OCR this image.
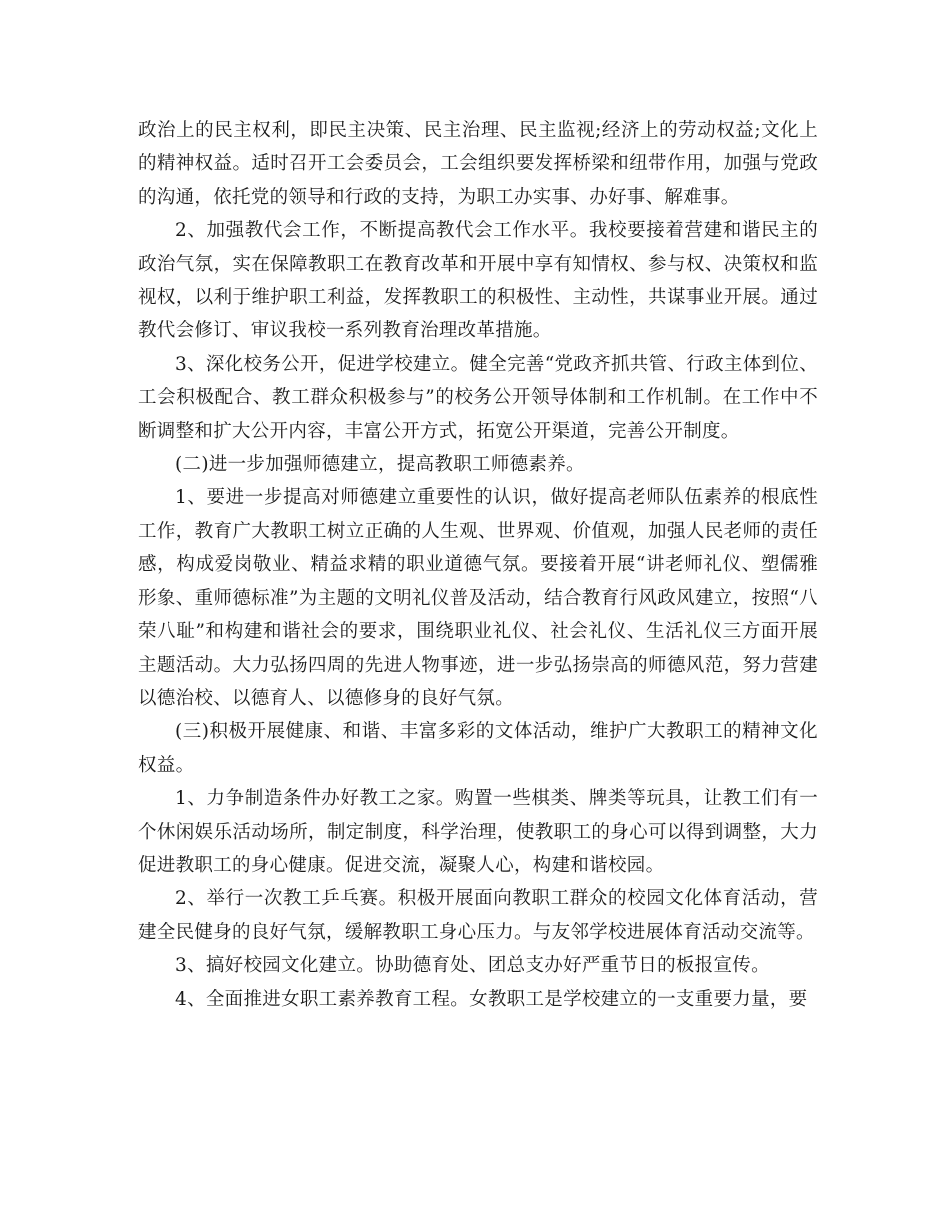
政治上的民主权利，即民主决策、民主治理、民主监视;经济上的劳动权益;文化上的精神权益。适时召开工会委员会，工会组织要发挥桥梁和纽带作用，加强与党政的沟通，依托党的领导和行政的支持，为职工办实事、办好事、解难事。

2、加强教代会工作，不断提高教代会工作水平。我校要接着营建和谐民主的政治气氛，实在保障教职工在教育改革和开展中享有知情权、参与权、决策权和监视权，以利于维护职工利益，发挥教职工的积极性、主动性，共谋事业开展。通过教代会修订、审议我校一系列教育治理改革措施。

3、深化校务公开，促进学校建立。健全完善“党政齐抓共管、行政主体到位、工会积极配合、教工群众积极参与”的校务公开领导体制和工作机制。在工作中不断调整和扩大公开内容，丰富公开方式，拓宽公开渠道，完善公开制度。

(二)进一步加强师德建立，提高教职工师德素养。

1、要进一步提高对师德建立重要性的认识，做好提高老师队伍素养的根底性工作，教育广大教职工树立正确的人生观、世界观、价值观，加强人民老师的责任感，构成爱岗敬业、精益求精的职业道德气氛。要接着开展“讲老师礼仪、塑儒雅形象、重师德标准”为主题的文明礼仪普及活动，结合教育行风政风建立，按照“八荣八耻”和构建和谐社会的要求，围绕职业礼仪、社会礼仪、生活礼仪三方面开展主题活动。大力弘扬四周的先进人物事迹，进一步弘扬崇高的师德风范，努力营建以德治校、以德育人、以德修身的良好气氛。

(三)积极开展健康、和谐、丰富多彩的文体活动，维护广大教职工的精神文化权益。

1、力争制造条件办好教工之家。购置一些棋类、牌类等玩具，让教工们有一个休闲娱乐活动场所，制定制度，科学治理，使教职工的身心可以得到调整，大力促进教职工的身心健康。促进交流，凝聚人心，构建和谐校园。

2、举行一次教工乒乓赛。积极开展面向教职工群众的校园文化体育活动，营建全民健身的良好气氛，缓解教职工身心压力。与友邻学校进展体育活动交流等。

3、搞好校园文化建立。协助德育处、团总支办好严重节日的板报宣传。

4、全面推进女职工素养教育工程。女教职工是学校建立的一支重要力量，要
